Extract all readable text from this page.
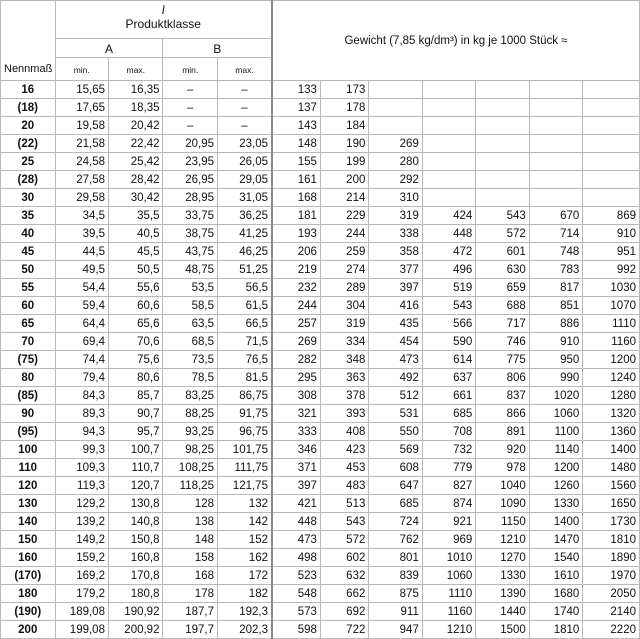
	l
Produktklasse				Gewicht (7,85 kg/dm³) in kg je 1000 Stück ≈						
	A		B								
Nennmaß	min.	max.	min.	max.							
16	15,65	16,35	–	–	133	173					
(18)	17,65	18,35	–	–	137	178					
20	19,58	20,42	–	–	143	184					
(22)	21,58	22,42	20,95	23,05	148	190	269				
25	24,58	25,42	23,95	26,05	155	199	280				
(28)	27,58	28,42	26,95	29,05	161	200	292				
30	29,58	30,42	28,95	31,05	168	214	310				
35	34,5	35,5	33,75	36,25	181	229	319	424	543	670	869
40	39,5	40,5	38,75	41,25	193	244	338	448	572	714	910
45	44,5	45,5	43,75	46,25	206	259	358	472	601	748	951
50	49,5	50,5	48,75	51,25	219	274	377	496	630	783	992
55	54,4	55,6	53,5	56,5	232	289	397	519	659	817	1030
60	59,4	60,6	58,5	61,5	244	304	416	543	688	851	1070
65	64,4	65,6	63,5	66,5	257	319	435	566	717	886	1110
70	69,4	70,6	68,5	71,5	269	334	454	590	746	910	1160
(75)	74,4	75,6	73,5	76,5	282	348	473	614	775	950	1200
80	79,4	80,6	78,5	81,5	295	363	492	637	806	990	1240
(85)	84,3	85,7	83,25	86,75	308	378	512	661	837	1020	1280
90	89,3	90,7	88,25	91,75	321	393	531	685	866	1060	1320
(95)	94,3	95,7	93,25	96,75	333	408	550	708	891	1100	1360
100	99,3	100,7	98,25	101,75	346	423	569	732	920	1140	1400
110	109,3	110,7	108,25	111,75	371	453	608	779	978	1200	1480
120	119,3	120,7	118,25	121,75	397	483	647	827	1040	1260	1560
130	129,2	130,8	128	132	421	513	685	874	1090	1330	1650
140	139,2	140,8	138	142	448	543	724	921	1150	1400	1730
150	149,2	150,8	148	152	473	572	762	969	1210	1470	1810
160	159,2	160,8	158	162	498	602	801	1010	1270	1540	1890
(170)	169,2	170,8	168	172	523	632	839	1060	1330	1610	1970
180	179,2	180,8	178	182	548	662	875	1110	1390	1680	2050
(190)	189,08	190,92	187,7	192,3	573	692	911	1160	1440	1740	2140
200	199,08	200,92	197,7	202,3	598	722	947	1210	1500	1810	2220
